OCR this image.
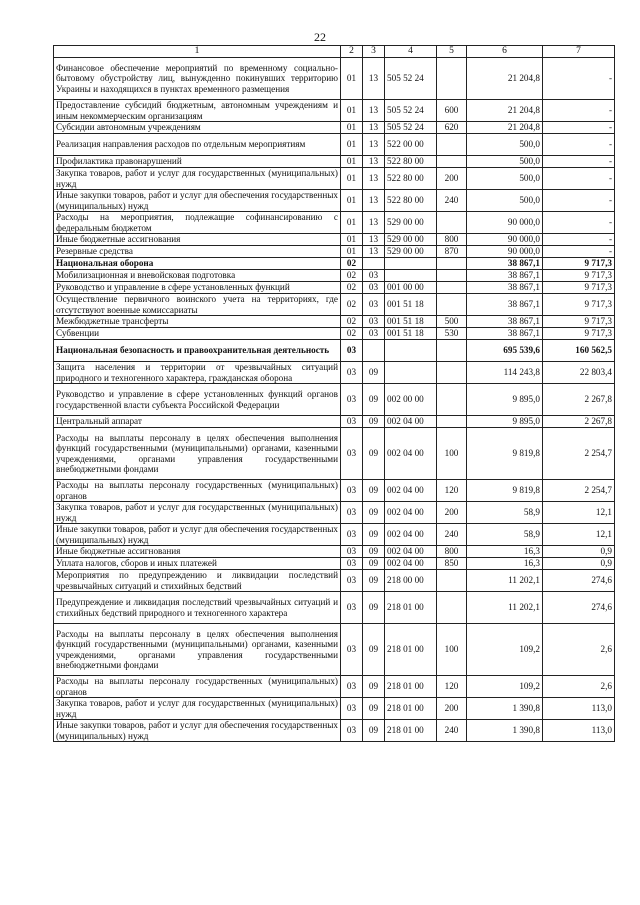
22
1	2	3	4	5	6	7
Финансовое обеспечение мероприятий по временному социально-бытовому обустройству лиц, вынужденно покинувших территорию Украины и находящихся в пунктах временного размещения	01	13	505 52 24		21 204,8	-
Предоставление субсидий бюджетным, автономным учреждениям и иным некоммерческим организациям	01	13	505 52 24	600	21 204,8	-
Субсидии автономным учреждениям	01	13	505 52 24	620	21 204,8	-
Реализация направления расходов по отдельным мероприятиям	01	13	522 00 00		500,0	-
Профилактика правонарушений	01	13	522 80 00		500,0	-
Закупка товаров, работ и услуг для государственных (муниципальных) нужд	01	13	522 80 00	200	500,0	-
Иные закупки товаров, работ и услуг для обеспечения государственных (муниципальных) нужд	01	13	522 80 00	240	500,0	-
Расходы на мероприятия, подлежащие софинансированию с федеральным бюджетом	01	13	529 00 00		90 000,0	-
Иные бюджетные ассигнования	01	13	529 00 00	800	90 000,0	-
Резервные средства	01	13	529 00 00	870	90 000,0	-
Национальная оборона	02				38 867,1	9 717,3
Мобилизационная и вневойсковая подготовка	02	03			38 867,1	9 717,3
Руководство и управление в сфере установленных функций	02	03	001 00 00		38 867,1	9 717,3
Осуществление первичного воинского учета на территориях, где отсутствуют военные комиссариаты	02	03	001 51 18		38 867,1	9 717,3
Межбюджетные трансферты	02	03	001 51 18	500	38 867,1	9 717,3
Субвенции	02	03	001 51 18	530	38 867,1	9 717,3
Национальная безопасность и правоохранительная деятельность	03				695 539,6	160 562,5
Защита населения и территории от чрезвычайных ситуаций природного и техногенного характера, гражданская оборона	03	09			114 243,8	22 803,4
Руководство и управление в сфере установленных функций органов государственной власти субъекта Российской Федерации	03	09	002 00 00		9 895,0	2 267,8
Центральный аппарат	03	09	002 04 00		9 895,0	2 267,8
Расходы на выплаты персоналу в целях обеспечения выполнения функций государственными (муниципальными) органами, казенными учреждениями, органами управления государственными внебюджетными фондами	03	09	002 04 00	100	9 819,8	2 254,7
Расходы на выплаты персоналу государственных (муниципальных) органов	03	09	002 04 00	120	9 819,8	2 254,7
Закупка товаров, работ и услуг для государственных (муниципальных) нужд	03	09	002 04 00	200	58,9	12,1
Иные закупки товаров, работ и услуг для обеспечения государственных (муниципальных) нужд	03	09	002 04 00	240	58,9	12,1
Иные бюджетные ассигнования	03	09	002 04 00	800	16,3	0,9
Уплата налогов, сборов и иных платежей	03	09	002 04 00	850	16,3	0,9
Мероприятия по предупреждению и ликвидации последствий чрезвычайных ситуаций и стихийных бедствий	03	09	218 00 00		11 202,1	274,6
Предупреждение и ликвидация последствий чрезвычайных ситуаций и стихийных бедствий природного и техногенного характера	03	09	218 01 00		11 202,1	274,6
Расходы на выплаты персоналу в целях обеспечения выполнения функций государственными (муниципальными) органами, казенными учреждениями, органами управления государственными внебюджетными фондами	03	09	218 01 00	100	109,2	2,6
Расходы на выплаты персоналу государственных (муниципальных) органов	03	09	218 01 00	120	109,2	2,6
Закупка товаров, работ и услуг для государственных (муниципальных) нужд	03	09	218 01 00	200	1 390,8	113,0
Иные закупки товаров, работ и услуг для обеспечения государственных (муниципальных) нужд	03	09	218 01 00	240	1 390,8	113,0
